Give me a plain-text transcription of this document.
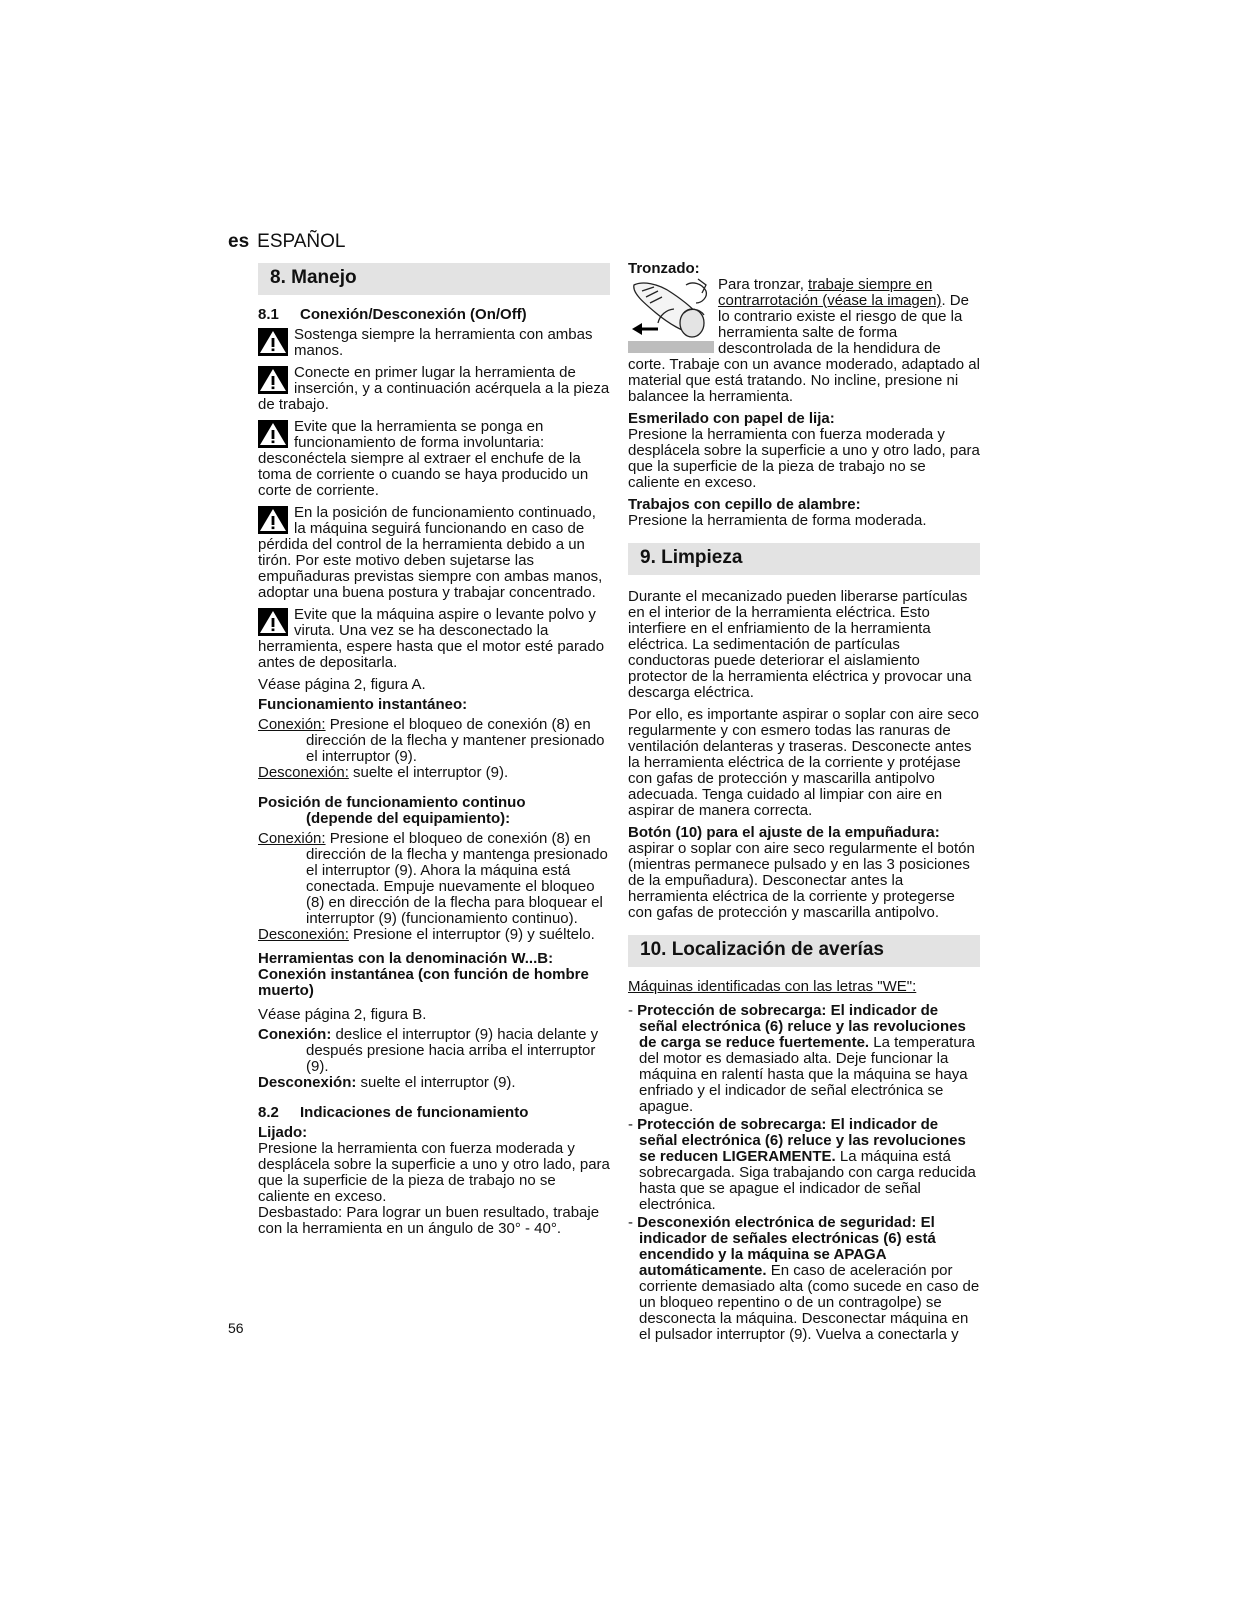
es ESPAÑOL
8. Manejo
8.1 Conexión/Desconexión (On/Off)
Sostenga siempre la herramienta con ambas manos.
Conecte en primer lugar la herramienta de inserción, y a continuación acérquela a la pieza de trabajo.
Evite que la herramienta se ponga en funcionamiento de forma involuntaria: desconéctela siempre al extraer el enchufe de la toma de corriente o cuando se haya producido un corte de corriente.
En la posición de funcionamiento continuado, la máquina seguirá funcionando en caso de pérdida del control de la herramienta debido a un tirón. Por este motivo deben sujetarse las empuñaduras previstas siempre con ambas manos, adoptar una buena postura y trabajar concentrado.
Evite que la máquina aspire o levante polvo y viruta. Una vez se ha desconectado la herramienta, espere hasta que el motor esté parado antes de depositarla.

Véase página 2, figura A.

Funcionamiento instantáneo:

Conexión: Presione el bloqueo de conexión (8) en dirección de la flecha y mantener presionado el interruptor (9).

Desconexión: suelte el interruptor (9).

Posición de funcionamiento continuo

(depende del equipamiento):

Conexión: Presione el bloqueo de conexión (8) en dirección de la flecha y mantenga presionado el interruptor (9). Ahora la máquina está conectada. Empuje nuevamente el bloqueo (8) en dirección de la flecha para bloquear el interruptor (9) (funcionamiento continuo).

Desconexión: Presione el interruptor (9) y suéltelo.

Herramientas con la denominación W...B: Conexión instantánea (con función de hombre muerto)

Véase página 2, figura B.

Conexión: deslice el interruptor (9) hacia delante y después presione hacia arriba el interruptor (9).

Desconexión: suelte el interruptor (9).

8.2 Indicaciones de funcionamiento

Lijado:

Presione la herramienta con fuerza moderada y desplácela sobre la superficie a uno y otro lado, para que la superficie de la pieza de trabajo no se caliente en exceso.

Desbastado: Para lograr un buen resultado, trabaje con la herramienta en un ángulo de 30° - 40°.

Tronzado:

Para tronzar, trabaje siempre en contrarrotación (véase la imagen). De lo contrario existe el riesgo de que la herramienta salte de forma descontrolada de la hendidura de corte. Trabaje con un avance moderado, adaptado al material que está tratando. No incline, presione ni balancee la herramienta.

Esmerilado con papel de lija:

Presione la herramienta con fuerza moderada y desplácela sobre la superficie a uno y otro lado, para que la superficie de la pieza de trabajo no se caliente en exceso.

Trabajos con cepillo de alambre:

Presione la herramienta de forma moderada.

9. Limpieza

Durante el mecanizado pueden liberarse partículas en el interior de la herramienta eléctrica. Esto interfiere en el enfriamiento de la herramienta eléctrica. La sedimentación de partículas conductoras puede deteriorar el aislamiento protector de la herramienta eléctrica y provocar una descarga eléctrica.

Por ello, es importante aspirar o soplar con aire seco regularmente y con esmero todas las ranuras de ventilación delanteras y traseras. Desconecte antes la herramienta eléctrica de la corriente y protéjase con gafas de protección y mascarilla antipolvo adecuada. Tenga cuidado al limpiar con aire en aspirar de manera correcta.

Botón (10) para el ajuste de la empuñadura:

aspirar o soplar con aire seco regularmente el botón (mientras permanece pulsado y en las 3 posiciones de la empuñadura). Desconectar antes la herramienta eléctrica de la corriente y protegerse con gafas de protección y mascarilla antipolvo.

10. Localización de averías

Máquinas identificadas con las letras "WE":

- Protección de sobrecarga: El indicador de señal electrónica (6) reluce y las revoluciones de carga se reduce fuertemente. La temperatura del motor es demasiado alta. Deje funcionar la máquina en ralentí hasta que la máquina se haya enfriado y el indicador de señal electrónica se apague.

- Protección de sobrecarga: El indicador de señal electrónica (6) reluce y las revoluciones se reducen LIGERAMENTE. La máquina está sobrecargada. Siga trabajando con carga reducida hasta que se apague el indicador de señal electrónica.

- Desconexión electrónica de seguridad: El indicador de señales electrónicas (6) está encendido y la máquina se APAGA automáticamente. En caso de aceleración por corriente demasiado alta (como sucede en caso de un bloqueo repentino o de un contragolpe) se desconecta la máquina. Desconectar máquina en el pulsador interruptor (9). Vuelva a conectarla y

56
